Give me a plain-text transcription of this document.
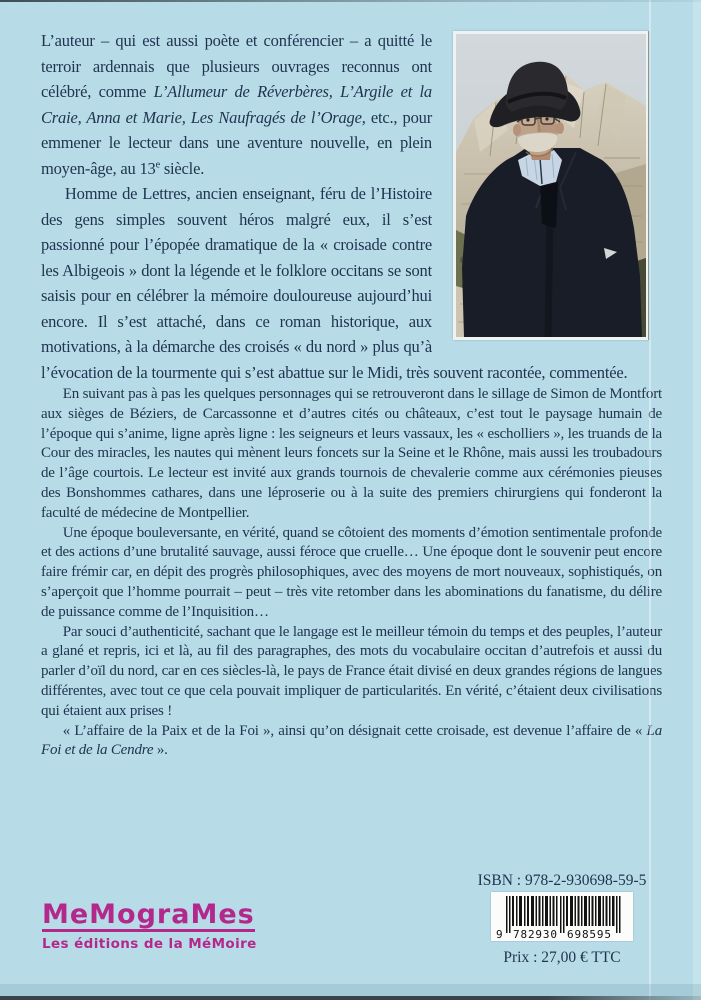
L’auteur – qui est aussi poète et conférencier – a quitté le terroir ardennais que plusieurs ouvrages reconnus ont célébré, comme L’Allumeur de Réverbères, L’Argile et la Craie, Anna et Marie, Les Naufragés de l’Orage, etc., pour emmener le lecteur dans une aventure nouvelle, en plein moyen-âge, au 13e siècle.

Homme de Lettres, ancien enseignant, féru de l’Histoire des gens simples souvent héros malgré eux, il s’est passionné pour l’épopée dramatique de la « croisade contre les Albigeois » dont la légende et le folklore occitans se sont saisis pour en célébrer la mémoire douloureuse aujourd’hui encore. Il s’est attaché, dans ce roman historique, aux motivations, à la démarche des croisés « du nord » plus qu’à l’évocation de la tourmente qui s’est abattue sur le Midi, très souvent racontée, commentée.

En suivant pas à pas les quelques personnages qui se retrouveront dans le sillage de Simon de Montfort aux sièges de Béziers, de Carcassonne et d’autres cités ou châteaux, c’est tout le paysage humain de l’époque qui s’anime, ligne après ligne : les seigneurs et leurs vassaux, les « escholliers », les truands de la Cour des miracles, les nautes qui mènent leurs foncets sur la Seine et le Rhône, mais aussi les troubadours de l’âge courtois. Le lecteur est invité aux grands tournois de chevalerie comme aux cérémonies pieuses des Bonshommes cathares, dans une léproserie ou à la suite des premiers chirurgiens qui fonderont la faculté de médecine de Montpellier.

Une époque bouleversante, en vérité, quand se côtoient des moments d’émotion sentimentale profonde et des actions d’une brutalité sauvage, aussi féroce que cruelle… Une époque dont le souvenir peut encore faire frémir car, en dépit des progrès philosophiques, avec des moyens de mort nouveaux, sophistiqués, on s’aperçoit que l’homme pourrait – peut – très vite retomber dans les abominations du fanatisme, du délire de puissance comme de l’Inquisition…

Par souci d’authenticité, sachant que le langage est le meilleur témoin du temps et des peuples, l’auteur a glané et repris, ici et là, au fil des paragraphes, des mots du vocabulaire occitan d’autrefois et aussi du parler d’oïl du nord, car en ces siècles-là, le pays de France était divisé en deux grandes régions de langues différentes, avec tout ce que cela pouvait impliquer de particularités. En vérité, c’étaient deux civilisations qui étaient aux prises !

« L’affaire de la Paix et de la Foi », ainsi qu’on désignait cette croisade, est devenue l’affaire de « La Foi et de la Cendre ».

MeMograMes
Les éditions de la MéMoire
ISBN : 978-2-930698-59-5
9 782930 698595
Prix : 27,00 € TTC
